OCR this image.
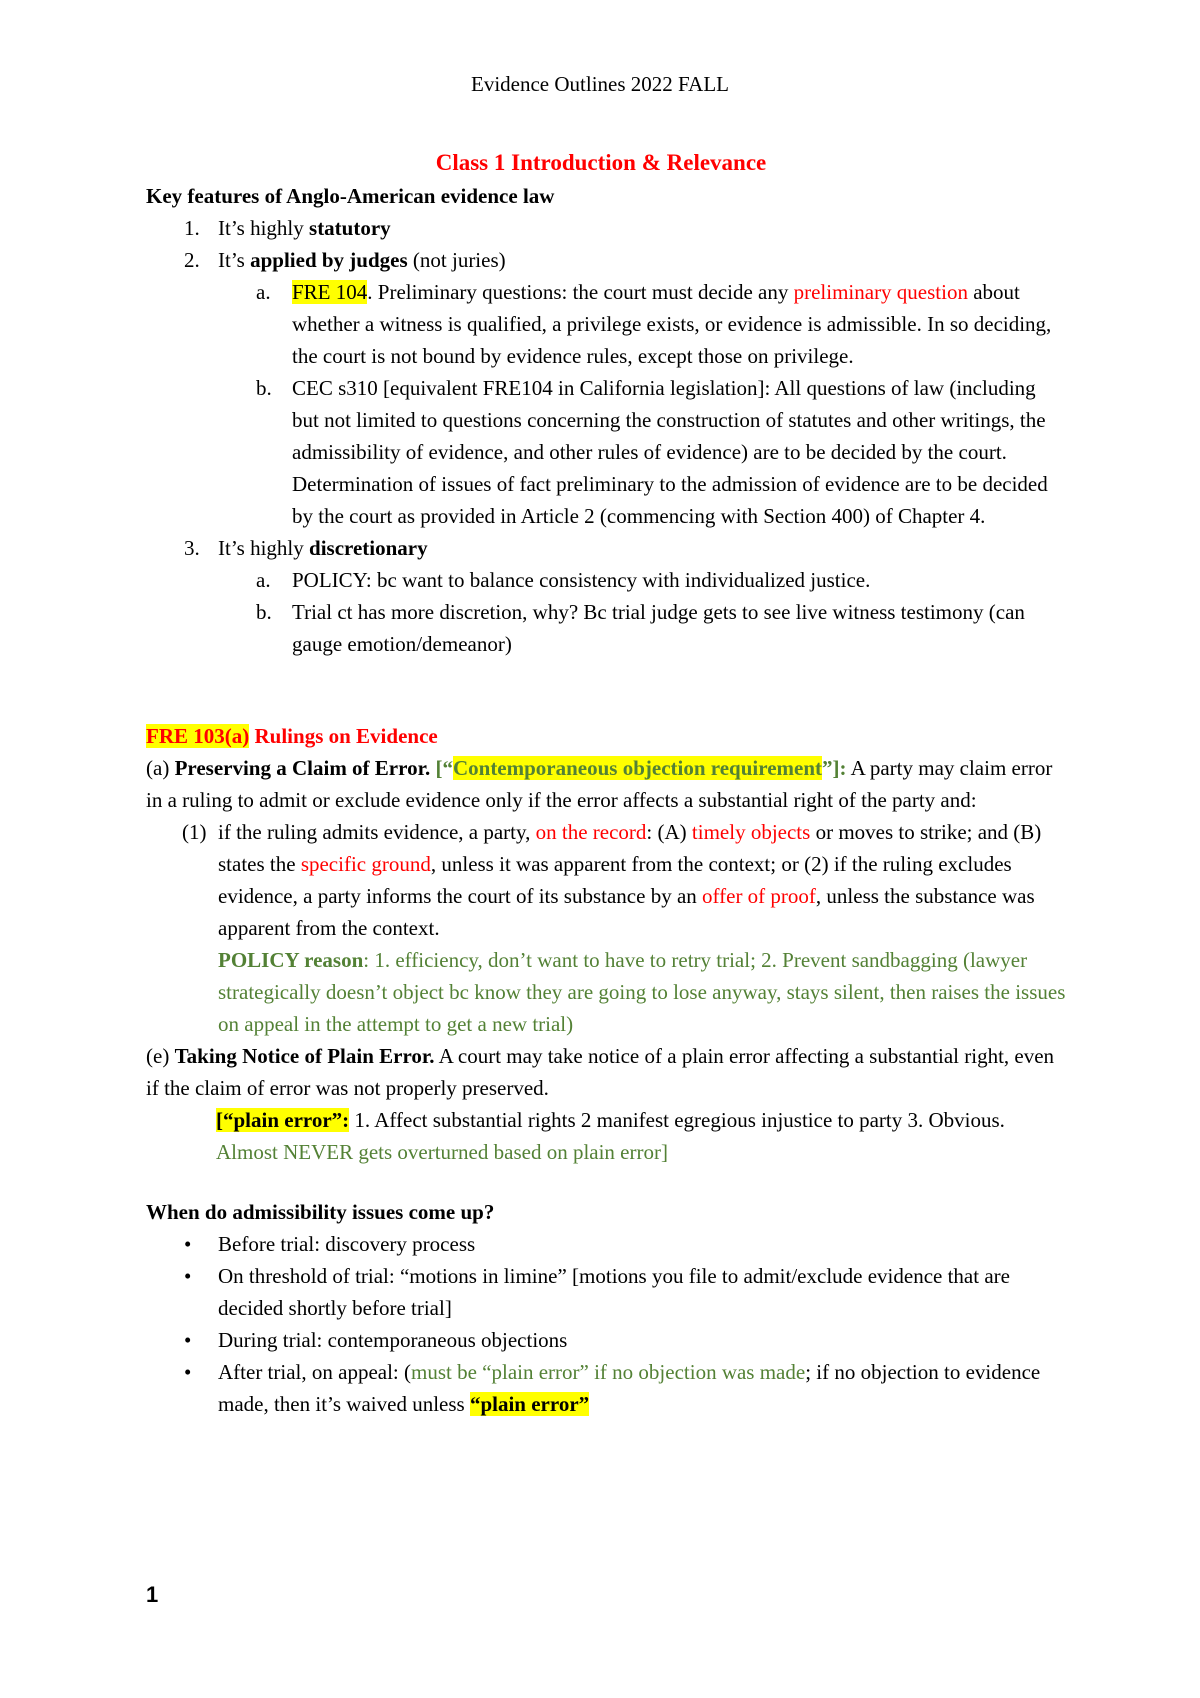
Evidence Outlines 2022 FALL
Class 1 Introduction & Relevance
Key features of Anglo-American evidence law
1. It’s highly statutory
2. It’s applied by judges (not juries)
a. FRE 104. Preliminary questions: the court must decide any preliminary question about whether a witness is qualified, a privilege exists, or evidence is admissible. In so deciding, the court is not bound by evidence rules, except those on privilege.
b. CEC s310 [equivalent FRE104 in California legislation]: All questions of law (including but not limited to questions concerning the construction of statutes and other writings, the admissibility of evidence, and other rules of evidence) are to be decided by the court. Determination of issues of fact preliminary to the admission of evidence are to be decided by the court as provided in Article 2 (commencing with Section 400) of Chapter 4.
3. It’s highly discretionary
a. POLICY: bc want to balance consistency with individualized justice.
b. Trial ct has more discretion, why? Bc trial judge gets to see live witness testimony (can gauge emotion/demeanor)
FRE 103(a) Rulings on Evidence
(a) Preserving a Claim of Error. [“Contemporaneous objection requirement”]: A party may claim error in a ruling to admit or exclude evidence only if the error affects a substantial right of the party and:
(1) if the ruling admits evidence, a party, on the record: (A) timely objects or moves to strike; and (B) states the specific ground, unless it was apparent from the context; or (2) if the ruling excludes evidence, a party informs the court of its substance by an offer of proof, unless the substance was apparent from the context.
POLICY reason: 1. efficiency, don’t want to have to retry trial; 2. Prevent sandbagging (lawyer strategically doesn’t object bc know they are going to lose anyway, stays silent, then raises the issues on appeal in the attempt to get a new trial)
(e) Taking Notice of Plain Error. A court may take notice of a plain error affecting a substantial right, even if the claim of error was not properly preserved.
[“plain error”: 1. Affect substantial rights 2 manifest egregious injustice to party 3. Obvious. Almost NEVER gets overturned based on plain error]
When do admissibility issues come up?
• Before trial: discovery process
• On threshold of trial: “motions in limine” [motions you file to admit/exclude evidence that are decided shortly before trial]
• During trial: contemporaneous objections
• After trial, on appeal: (must be “plain error” if no objection was made; if no objection to evidence made, then it’s waived unless “plain error”
1
